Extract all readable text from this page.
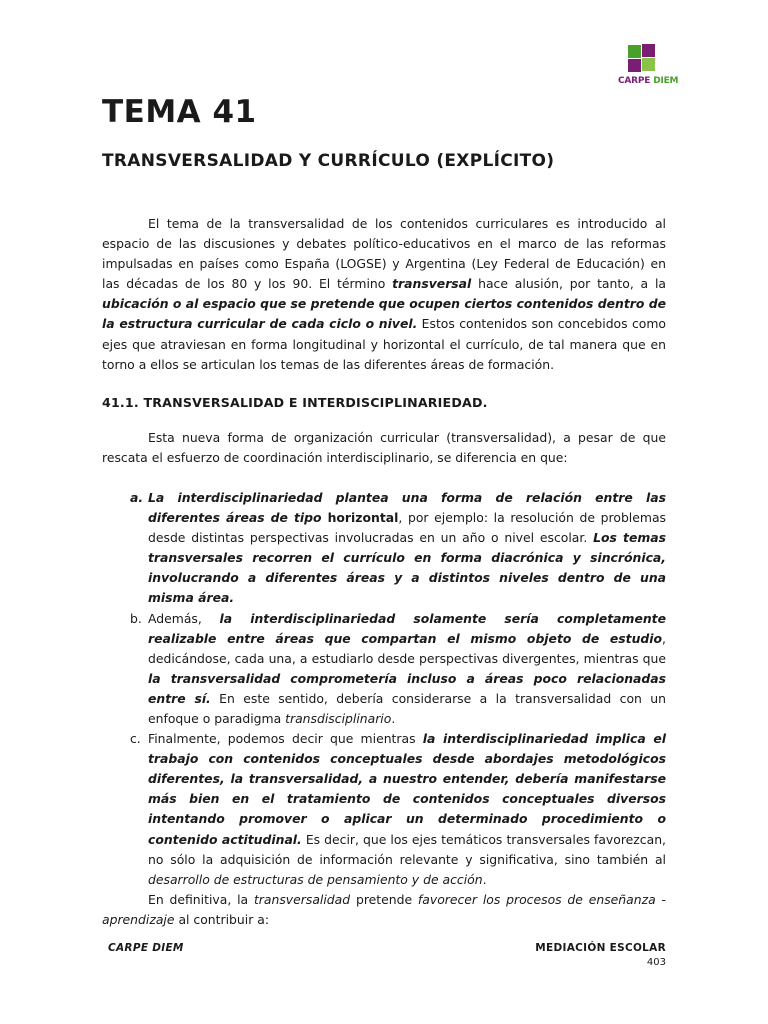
CARPE DIEM
TEMA 41
TRANSVERSALIDAD Y CURRÍCULO (EXPLÍCITO)

El tema de la transversalidad de los contenidos curriculares es introducido al espacio de las discusiones y debates político-educativos en el marco de las reformas impulsadas en países como España (LOGSE) y Argentina (Ley Federal de Educación) en las décadas de los 80 y los 90. El término transversal hace alusión, por tanto, a la ubicación o al espacio que se pretende que ocupen ciertos contenidos dentro de la estructura curricular de cada ciclo o nivel. Estos contenidos son concebidos como ejes que atraviesan en forma longitudinal y horizontal el currículo, de tal manera que en torno a ellos se articulan los temas de las diferentes áreas de formación.

41.1. TRANSVERSALIDAD E INTERDISCIPLINARIEDAD.

Esta nueva forma de organización curricular (transversalidad), a pesar de que rescata el esfuerzo de coordinación interdisciplinario, se diferencia en que:

a. La interdisciplinariedad plantea una forma de relación entre las diferentes áreas de tipo horizontal, por ejemplo: la resolución de problemas desde distintas perspectivas involucradas en un año o nivel escolar. Los temas transversales recorren el currículo en forma diacrónica y sincrónica, involucrando a diferentes áreas y a distintos niveles dentro de una misma área.
b. Además, la interdisciplinariedad solamente sería completamente realizable entre áreas que compartan el mismo objeto de estudio, dedicándose, cada una, a estudiarlo desde perspectivas divergentes, mientras que la transversalidad comprometería incluso a áreas poco relacionadas entre sí. En este sentido, debería considerarse a la transversalidad con un enfoque o paradigma transdisciplinario.
c. Finalmente, podemos decir que mientras la interdisciplinariedad implica el trabajo con contenidos conceptuales desde abordajes metodológicos diferentes, la transversalidad, a nuestro entender, debería manifestarse más bien en el tratamiento de contenidos conceptuales diversos intentando promover o aplicar un determinado procedimiento o contenido actitudinal. Es decir, que los ejes temáticos transversales favorezcan, no sólo la adquisición de información relevante y significativa, sino también al desarrollo de estructuras de pensamiento y de acción.

En definitiva, la transversalidad pretende favorecer los procesos de enseñanza - aprendizaje al contribuir a:

CARPE DIEM	MEDIACIÓN ESCOLAR
403
